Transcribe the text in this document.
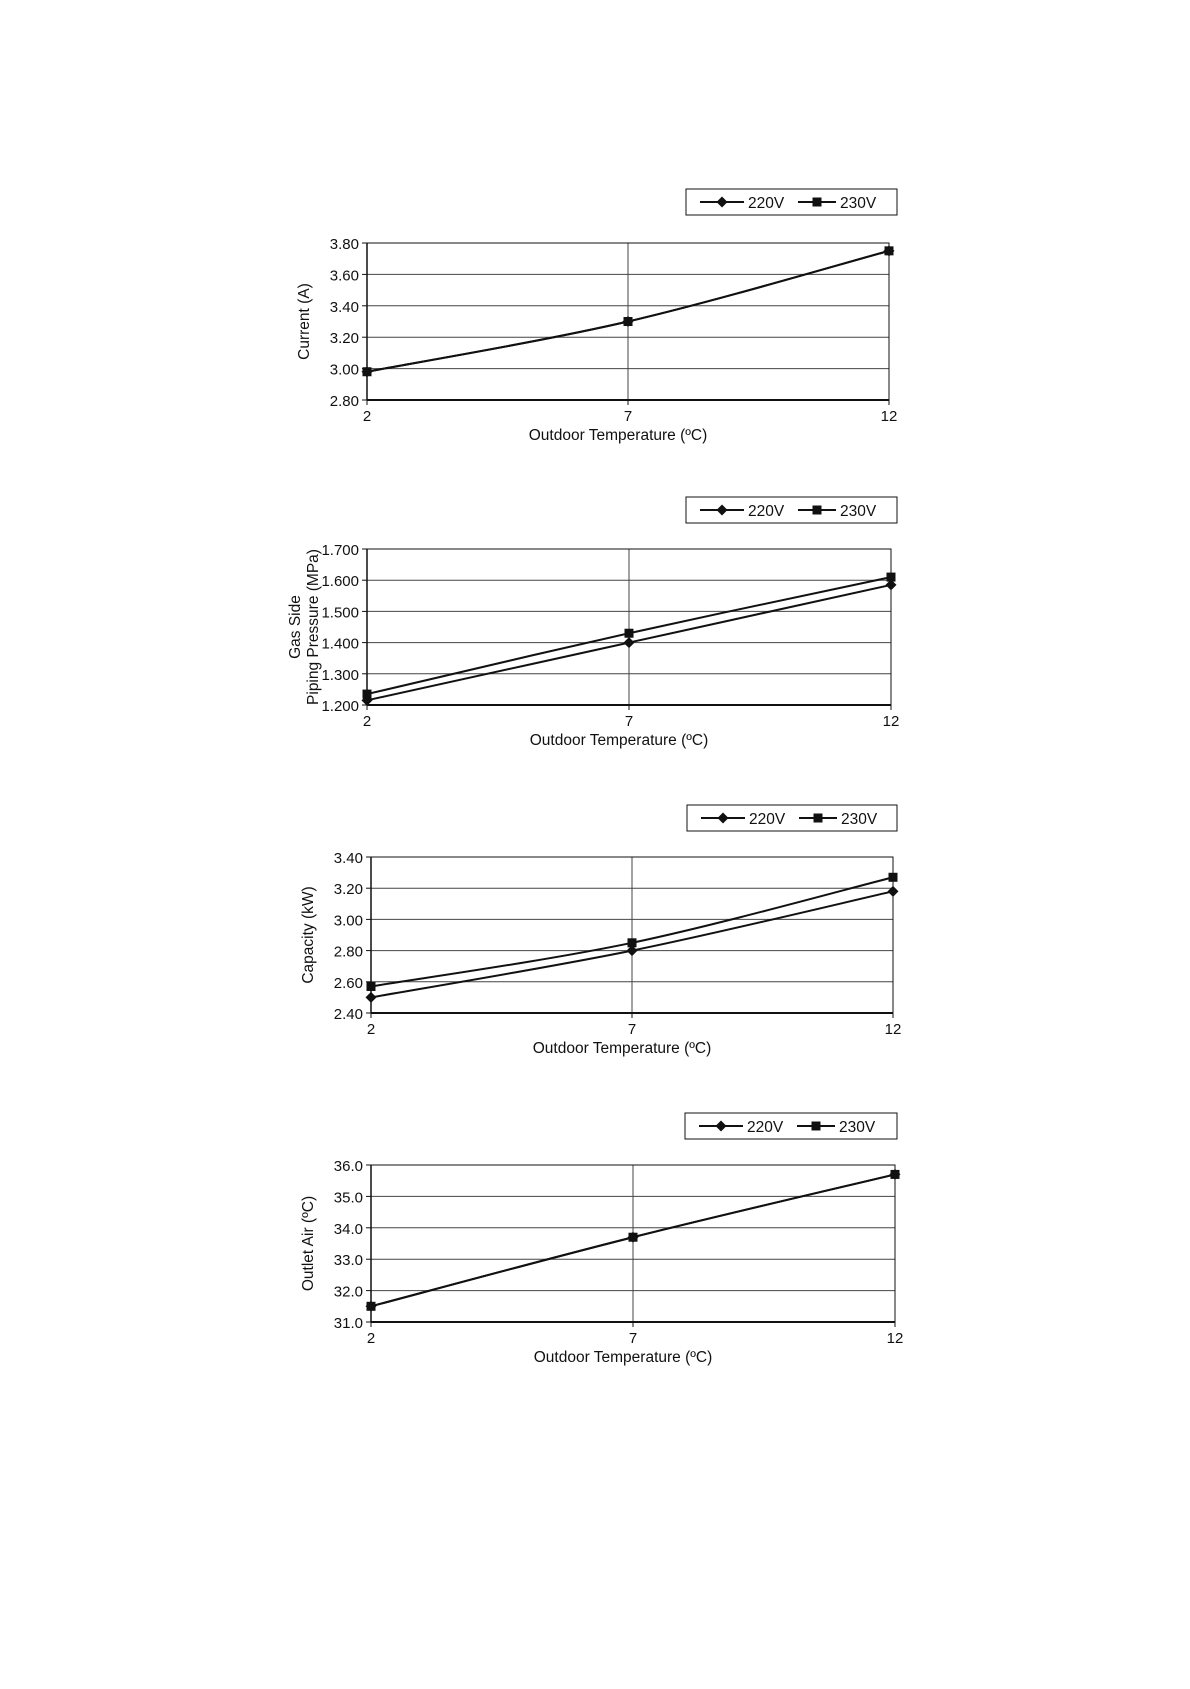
2.80
3.00
3.20
3.40
3.60
3.80
2	7	12
Outdoor Temperature (ºC)
Current (A)
220V	230V
1.200
1.300
1.400
1.500
1.600
1.700
2	7	12
Outdoor Temperature (ºC)
Gas Side Piping Pressure (MPa)
220V	230V
2.40
2.60
2.80
3.00
3.20
3.40
2	7	12
Outdoor Temperature (ºC)
Capacity (kW)
220V	230V
31.0
32.0
33.0
34.0
35.0
36.0
2	7	12
Outdoor Temperature (ºC)
Outlet Air (ºC)
220V	230V
